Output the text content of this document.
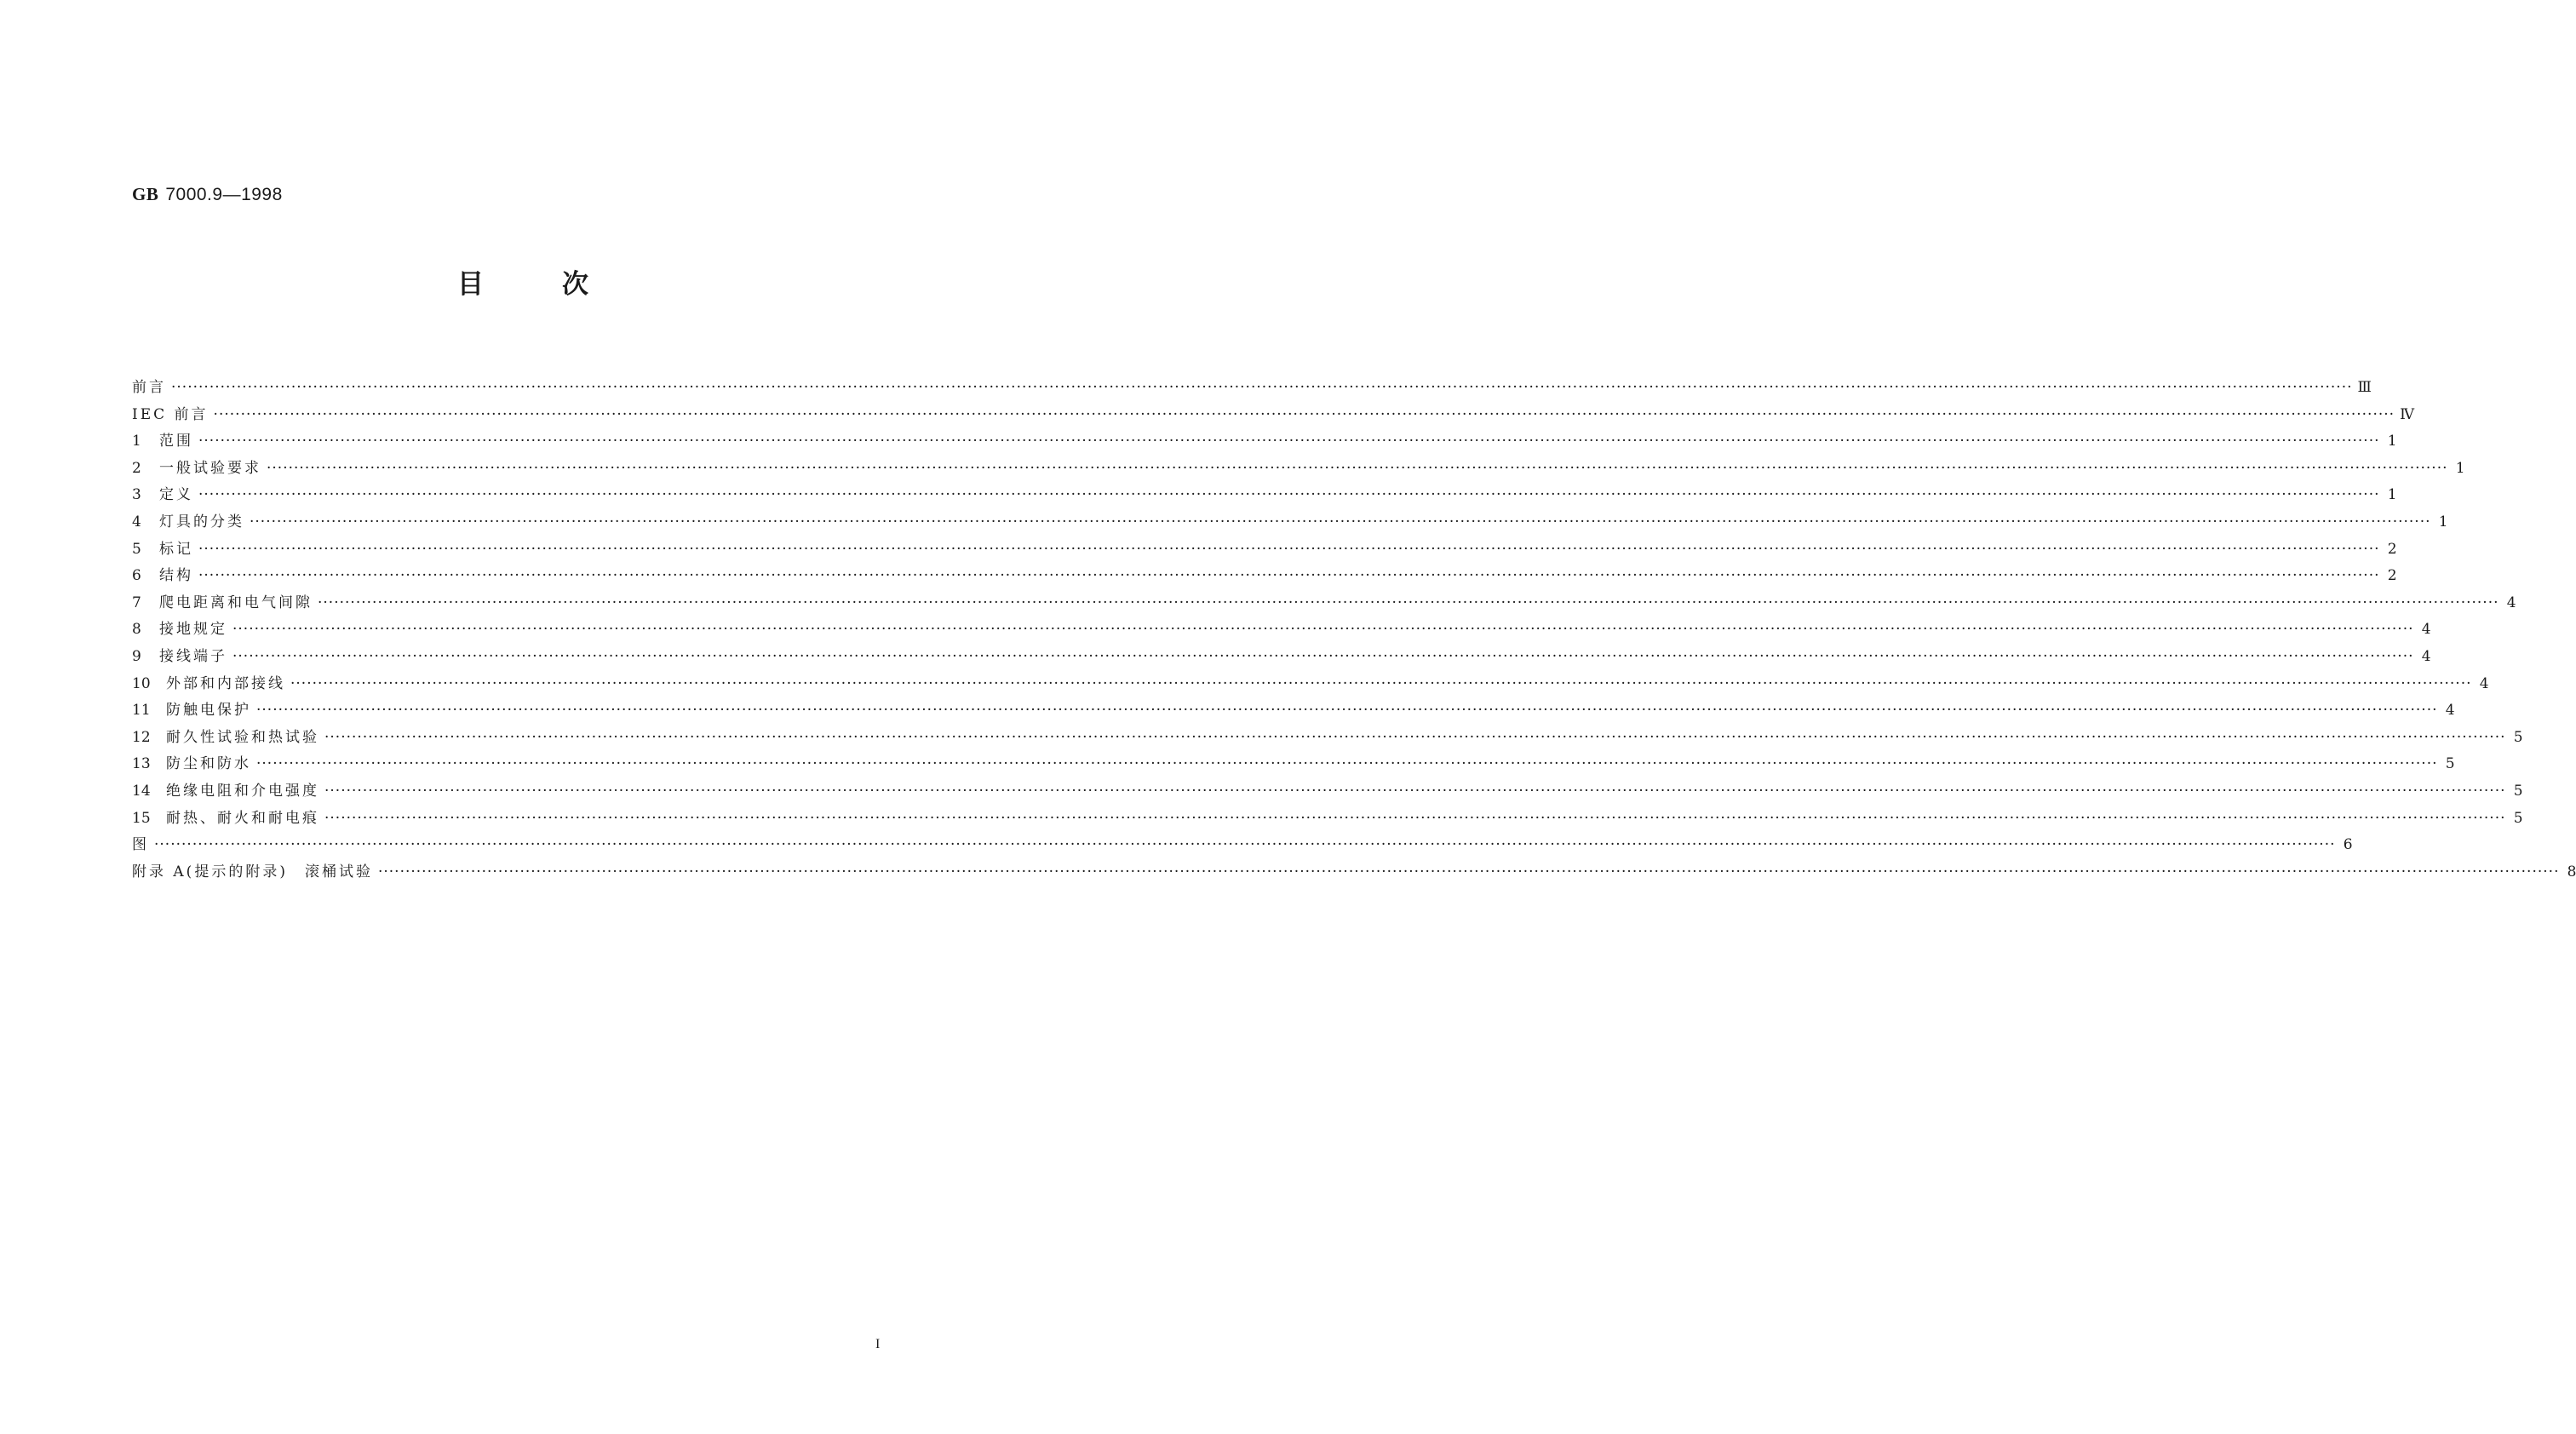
GB 7000.9—1998

目	次
前言 ················································································································································································································································································································································································································ Ⅲ
IEC 前言 ················································································································································································································································································································································································································ Ⅳ
1	范围 ················································································································································································································································································································································································································ 1
2	一般试验要求 ················································································································································································································································································································································································································ 1
3	定义 ················································································································································································································································································································································································································ 1
4	灯具的分类 ················································································································································································································································································································································································································ 1
5	标记 ················································································································································································································································································································································································································ 2
6	结构 ················································································································································································································································································································································································································ 2
7	爬电距离和电气间隙 ················································································································································································································································································································································································································ 4
8	接地规定 ················································································································································································································································································································································································································ 4
9	接线端子 ················································································································································································································································································································································································································ 4
10	外部和内部接线 ················································································································································································································································································································································································································ 4
11	防触电保护 ················································································································································································································································································································································································································ 4
12	耐久性试验和热试验 ················································································································································································································································································································································································································ 5
13	防尘和防水 ················································································································································································································································································································································································································ 5
14	绝缘电阻和介电强度 ················································································································································································································································································································································································································ 5
15	耐热、耐火和耐电痕 ················································································································································································································································································································································································································ 5
图 ················································································································································································································································································································································································································ 6
附录 A(提示的附录)　滚桶试验 ················································································································································································································································································································································································································ 8

I
